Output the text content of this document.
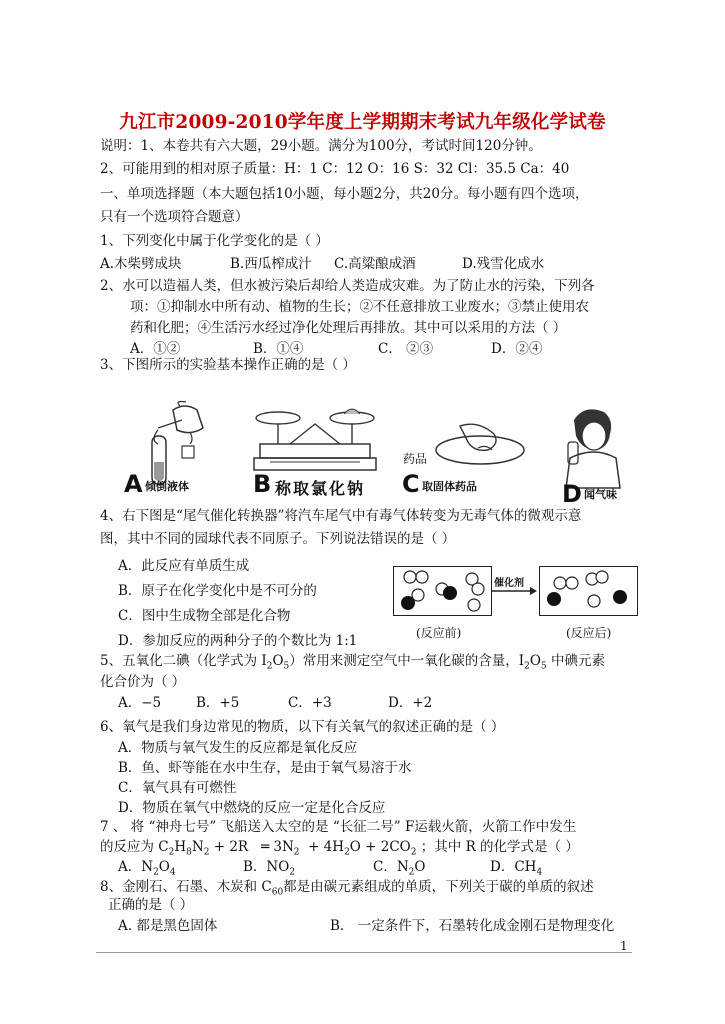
九江市2009-2010学年度上学期期末考试九年级化学试卷
说明：1、本卷共有六大题，29小题。满分为100分，考试时间120分钟。
2、可能用到的相对原子质量：H：1 C：12 O：16 S：32 Cl：35.5 Ca：40
一、单项选择题（本大题包括10小题，每小题2分，共20分。每小题有四个选项，
只有一个选项符合题意）
1、下列变化中属于化学变化的是（ ）
A.木柴劈成块	B.西瓜榨成汁 C.高粱酿成酒	D.残雪化成水
2、水可以造福人类，但水被污染后却给人类造成灾难。为了防止水的污染，下列各
项：①抑制水中所有动、植物的生长；②不任意排放工业废水；③禁止使用农
药和化肥；④生活污水经过净化处理后再排放。其中可以采用的方法（ ）
A．①②	B．①④	C． ②③	D．②④
3、下图所示的实验基本操作正确的是（ ）
A 倾倒液体	B 称取氯化钠
药品
C 取固体药品	D 闻气味
4、右下图是“尾气催化转换器”将汽车尾气中有毒气体转变为无毒气体的微观示意
图，其中不同的园球代表不同原子。下列说法错误的是（ ）
A．此反应有单质生成
B．原子在化学变化中是不可分的
C．图中生成物全部是化合物
D．参加反应的两种分子的个数比为 1:1
催化剂
(反应前)	(反应后)
5、五氧化二碘（化学式为 $I_2O_5$）常用来测定空气中一氧化碳的含量，$I_2O_5$ 中碘元素
化合价为（ ）
A．−5	B．+5	C．+3	D．+2
6、氧气是我们身边常见的物质，以下有关氧气的叙述正确的是（ ）
A．物质与氧气发生的反应都是氧化反应
B．鱼、虾等能在水中生存，是由于氧气易溶于水
C．氧气具有可燃性
D．物质在氧气中燃烧的反应一定是化合反应
7 、 将 “神舟七号” 飞船送入太空的是 “长征二号” F运载火箭，火箭工作中发生
的反应为 $C_2H_8N_2 + 2R$   ═ $3N_2 + 4H_2O + 2CO_2$ ；其中 R 的化学式是（ ）
A．$N_2O_4$	B．$NO_2$	C．$N_2O$	D．$CH_4$
8、金刚石、石墨、木炭和 $C_{60}$都是由碳元素组成的单质，下列关于碳的单质的叙述
正确的是（ ）
A. 都是黑色固体	B． 一定条件下，石墨转化成金刚石是物理变化
1
